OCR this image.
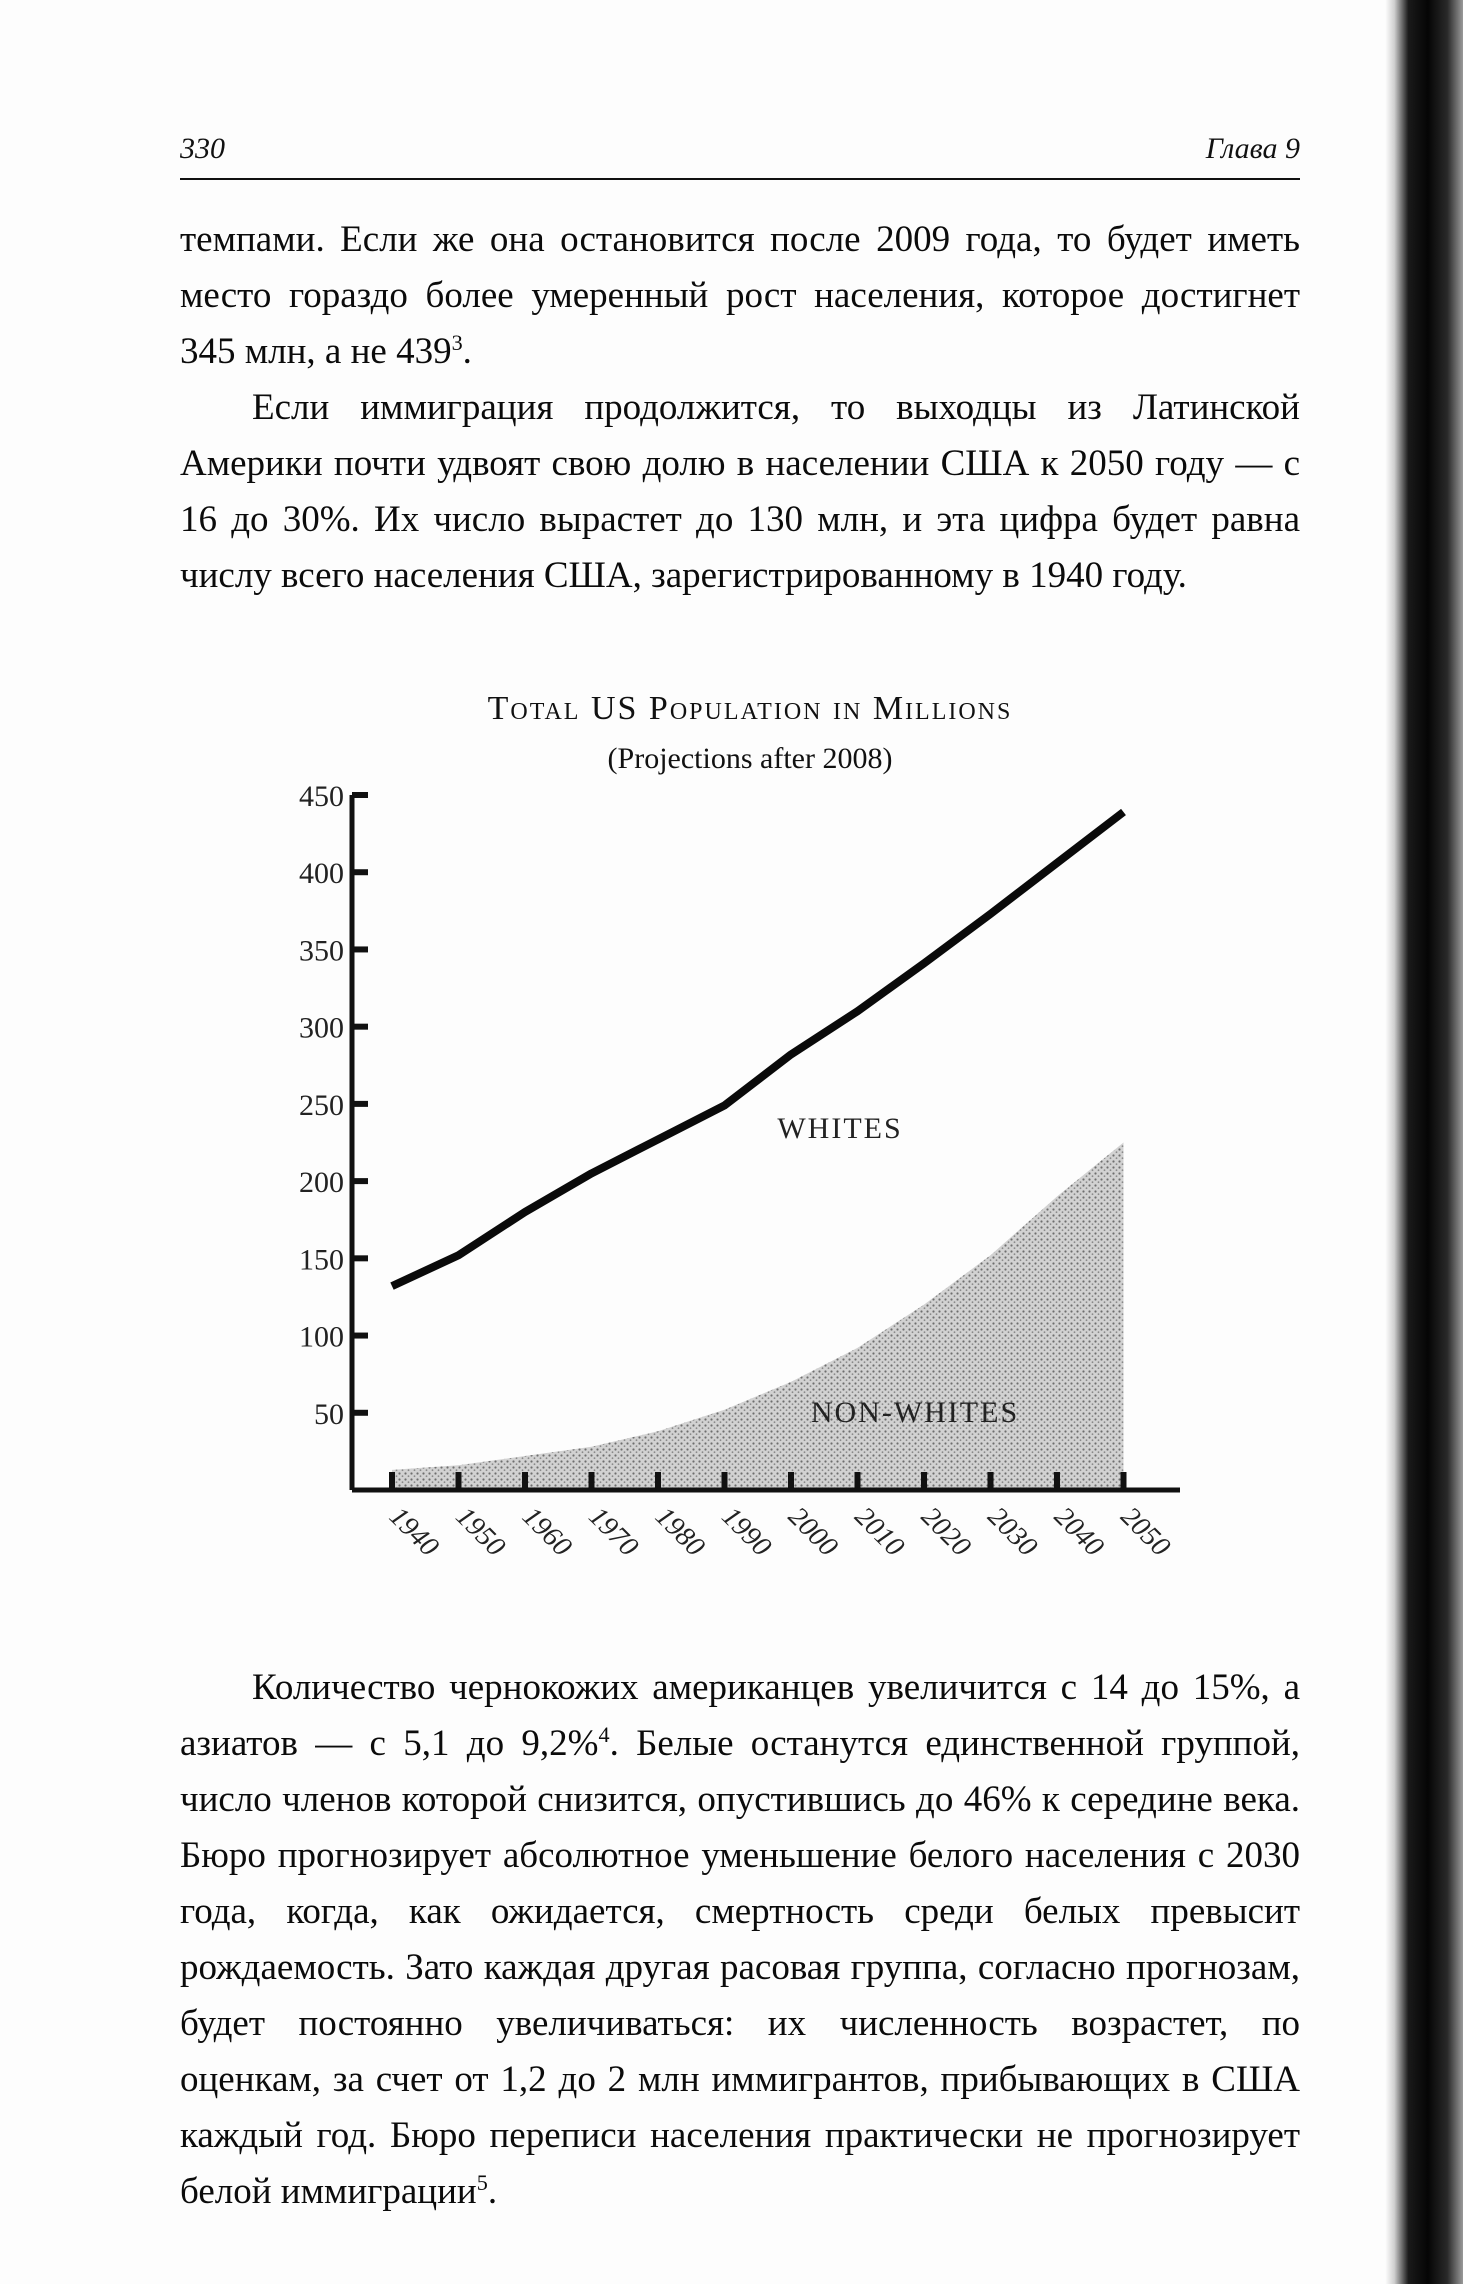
330	Глава 9

темпами. Если же она остановится после 2009 года, то будет иметь место гораздо более умеренный рост населения, которое достигнет 345 млн, а не $439^3$.

Если иммиграция продолжится, то выходцы из Латинской Америки почти удвоят свою долю в населении США к 2050 году — с 16 до 30%. Их число вырастет до 130 млн, и эта цифра будет равна числу всего населения США, зарегистрированному в 1940 году.

Total US Population in Millions
(Projections after 2008)
50
100
150
200
250
300
350
400
450
1940 1950 1960 1970 1980 1990 2000 2010 2020 2030 2040 2050
WHITES
NON-WHITES

Количество чернокожих американцев увеличится с 14 до 15%, а азиатов — с 5,1 до 9,2%$^4$. Белые останутся единственной группой, число членов которой снизится, опустившись до 46% к середине века. Бюро прогнозирует абсолютное уменьшение белого населения с 2030 года, когда, как ожидается, смертность среди белых превысит рождаемость. Зато каждая другая расовая группа, согласно прогнозам, будет постоянно увеличиваться: их численность возрастет, по оценкам, за счет от 1,2 до 2 млн иммигрантов, прибывающих в США каждый год. Бюро переписи населения практически не прогнозирует белой иммиграции$^5$.
